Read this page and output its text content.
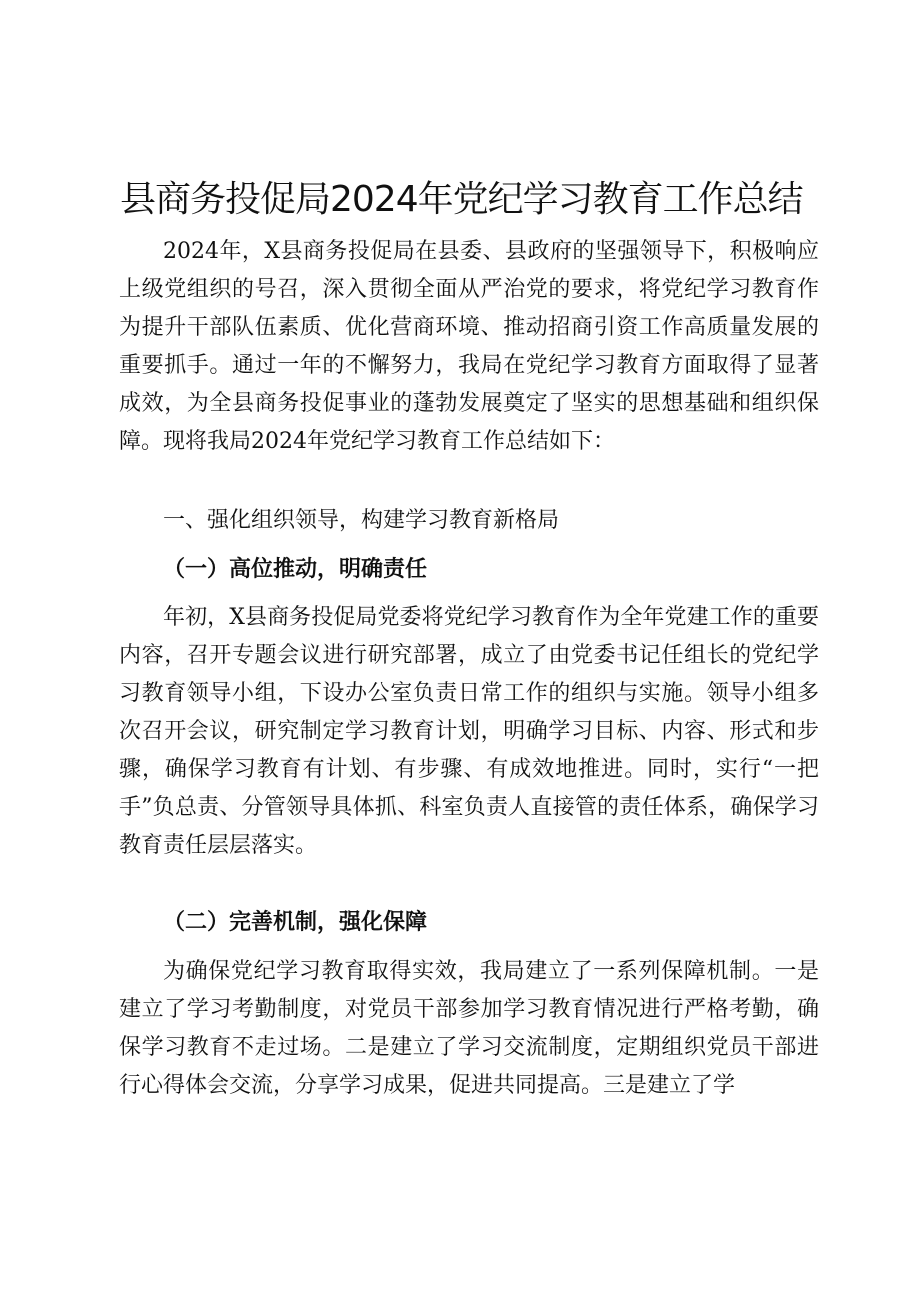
县商务投促局2024年党纪学习教育工作总结

2024年，X县商务投促局在县委、县政府的坚强领导下，积极响应上级党组织的号召，深入贯彻全面从严治党的要求，将党纪学习教育作为提升干部队伍素质、优化营商环境、推动招商引资工作高质量发展的重要抓手。通过一年的不懈努力，我局在党纪学习教育方面取得了显著成效，为全县商务投促事业的蓬勃发展奠定了坚实的思想基础和组织保障。现将我局2024年党纪学习教育工作总结如下：

一、强化组织领导，构建学习教育新格局
（一）高位推动，明确责任

年初，X县商务投促局党委将党纪学习教育作为全年党建工作的重要内容，召开专题会议进行研究部署，成立了由党委书记任组长的党纪学习教育领导小组，下设办公室负责日常工作的组织与实施。领导小组多次召开会议，研究制定学习教育计划，明确学习目标、内容、形式和步骤，确保学习教育有计划、有步骤、有成效地推进。同时，实行“一把手”负总责、分管领导具体抓、科室负责人直接管的责任体系，确保学习教育责任层层落实。

（二）完善机制，强化保障

为确保党纪学习教育取得实效，我局建立了一系列保障机制。一是建立了学习考勤制度，对党员干部参加学习教育情况进行严格考勤，确保学习教育不走过场。二是建立了学习交流制度，定期组织党员干部进行心得体会交流，分享学习成果，促进共同提高。三是建立了学
